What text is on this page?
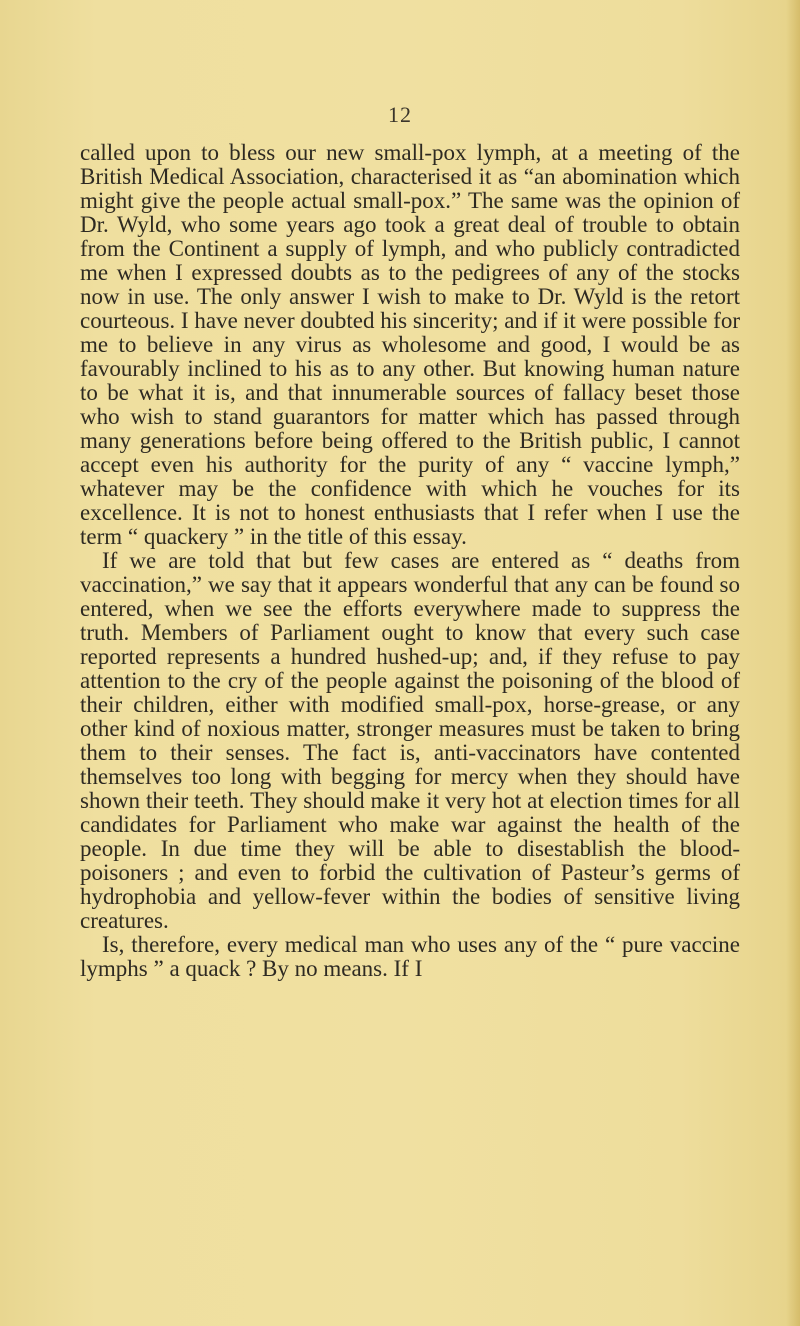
12

called upon to bless our new small-pox lymph, at a meeting of the British Medical Association, characterised it as “an abomination which might give the people actual small-pox.” The same was the opinion of Dr. Wyld, who some years ago took a great deal of trouble to obtain from the Continent a supply of lymph, and who publicly contradicted me when I expressed doubts as to the pedigrees of any of the stocks now in use. The only answer I wish to make to Dr. Wyld is the retort courteous. I have never doubted his sincerity; and if it were possible for me to believe in any virus as wholesome and good, I would be as favourably inclined to his as to any other. But knowing human nature to be what it is, and that innumerable sources of fallacy beset those who wish to stand guarantors for matter which has passed through many generations before being offered to the British public, I cannot accept even his authority for the purity of any “ vaccine lymph,” whatever may be the confidence with which he vouches for its excellence. It is not to honest enthusiasts that I refer when I use the term “ quackery ” in the title of this essay.

If we are told that but few cases are entered as “ deaths from vaccination,” we say that it appears wonderful that any can be found so entered, when we see the efforts everywhere made to suppress the truth. Members of Parliament ought to know that every such case reported represents a hundred hushed-up; and, if they refuse to pay attention to the cry of the people against the poisoning of the blood of their children, either with modified small-pox, horse-grease, or any other kind of noxious matter, stronger measures must be taken to bring them to their senses. The fact is, anti-vaccinators have contented themselves too long with begging for mercy when they should have shown their teeth. They should make it very hot at election times for all candidates for Parliament who make war against the health of the people. In due time they will be able to disestablish the blood-poisoners ; and even to forbid the cultivation of Pasteur’s germs of hydrophobia and yellow-fever within the bodies of sensitive living creatures.

Is, therefore, every medical man who uses any of the “ pure vaccine lymphs ” a quack ? By no means. If I
